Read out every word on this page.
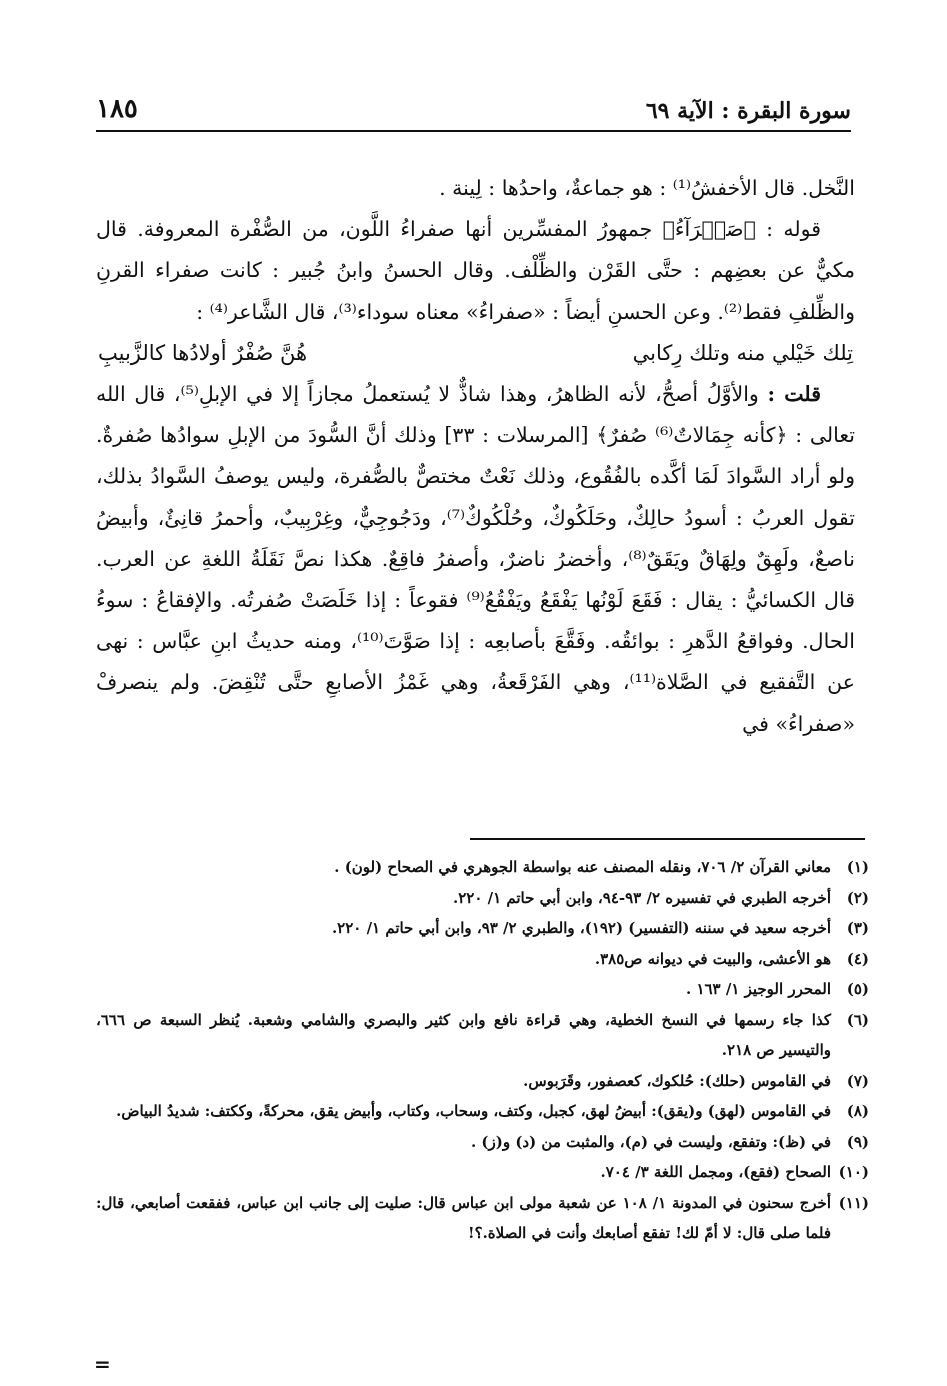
سورة البقرة : الآية ٦٩
١٨٥

النَّخل. قال الأخفشُ⁽¹⁾ : هو جماعةٌ، واحدُها : لِينة .

قوله : ﴿صَفۡرَآءُ﴾ جمهورُ المفسِّرين أنها صفراءُ اللَّون، من الصُّفْرة المعروفة. قال مكيٌّ عن بعضِهم : حتَّى القَرْن والظِّلْف. وقال الحسنُ وابنُ جُبير : كانت صفراء القرنِ والظِّلفِ فقط⁽²⁾. وعن الحسنِ أيضاً : «صفراءُ» معناه سوداء⁽³⁾، قال الشَّاعر⁽⁴⁾ :

تِلك خَيْلي منه وتلك رِكابي
هُنَّ صُفْرٌ أولادُها كالزَّبيبِ

قلت : والأوَّلُ أصحُّ، لأنه الظاهرُ، وهذا شاذٌّ لا يُستعملُ مجازاً إلا في الإبلِ⁽⁵⁾، قال الله تعالى : ﴿كأنه جِمَالاتٌ⁽⁶⁾ صُفرٌ﴾ [المرسلات : ٣٣] وذلك أنَّ السُّودَ من الإبلِ سوادُها صُفرةٌ. ولو أراد السَّوادَ لَمَا أكَّده بالفُقُوع، وذلك نَعْتٌ مختصٌّ بالصُّفرة، وليس يوصفُ السَّوادُ بذلك، تقول العربُ : أسودُ حالِكٌ، وحَلَكُوكٌ، وحُلْكُوكٌ⁽⁷⁾، ودَجُوجِيٌّ، وغِرْبِيبٌ، وأحمرُ قانِئٌ، وأبيضُ ناصعٌ، ولَهِقٌ ولِهَاقٌ ويَقَقٌ⁽⁸⁾، وأخضرُ ناضرٌ، وأصفرُ فاقِعٌ. هكذا نصَّ نَقَلَةُ اللغةِ عن العرب. قال الكسائيُّ : يقال : فَقَعَ لَوْنُها يَفْقَعُ ويَفْقُعُ⁽⁹⁾ فقوعاً : إذا خَلَصَتْ صُفرتُه. والإفقاعُ : سوءُ الحال. وفواقعُ الدَّهرِ : بوائقُه. وفَقَّعَ بأصابعِه : إذا صَوَّتَ⁽¹⁰⁾، ومنه حديثُ ابنِ عبَّاس : نهى عن التَّفقيع في الصَّلاة⁽¹¹⁾، وهي الفَرْقَعةُ، وهي غَمْزُ الأصابعِ حتَّى تُنْقِضَ. ولم ينصرفْ «صفراءُ» في

(١)
معاني القرآن ٢/ ٧٠٦، ونقله المصنف عنه بواسطة الجوهري في الصحاح (لون) .
(٢)
أخرجه الطبري في تفسيره ٢/ ٩٣-٩٤، وابن أبي حاتم ١/ ٢٢٠.
(٣)
أخرجه سعيد في سننه (التفسير) (١٩٢)، والطبري ٢/ ٩٣، وابن أبي حاتم ١/ ٢٢٠.
(٤)
هو الأعشى، والبيت في ديوانه ص٣٨٥.
(٥)
المحرر الوجيز ١/ ١٦٣ .
(٦)
كذا جاء رسمها في النسخ الخطية، وهي قراءة نافع وابن كثير والبصري والشامي وشعبة. يُنظر السبعة ص ٦٦٦، والتيسير ص ٢١٨.
(٧)
في القاموس (حلك): حُلكوك، كعصفور، وقَرَبوس.
(٨)
في القاموس (لهق) و(يقق): أبيضُ لهق، كجبل، وكتف، وسحاب، وكتاب، وأبيض يقق، محركةً، وككتف: شديدُ البياض.
(٩)
في (ظ): وتفقع، وليست في (م)، والمثبت من (د) و(ز) .
(١٠)
الصحاح (فقع)، ومجمل اللغة ٣/ ٧٠٤.
(١١)
أخرج سحنون في المدونة ١/ ١٠٨ عن شعبة مولى ابن عباس قال: صليت إلى جانب ابن عباس، ففقعت أصابعي، قال: فلما صلى قال: لا أمّ لك! تفقع أصابعك وأنت في الصلاة.؟!
=
